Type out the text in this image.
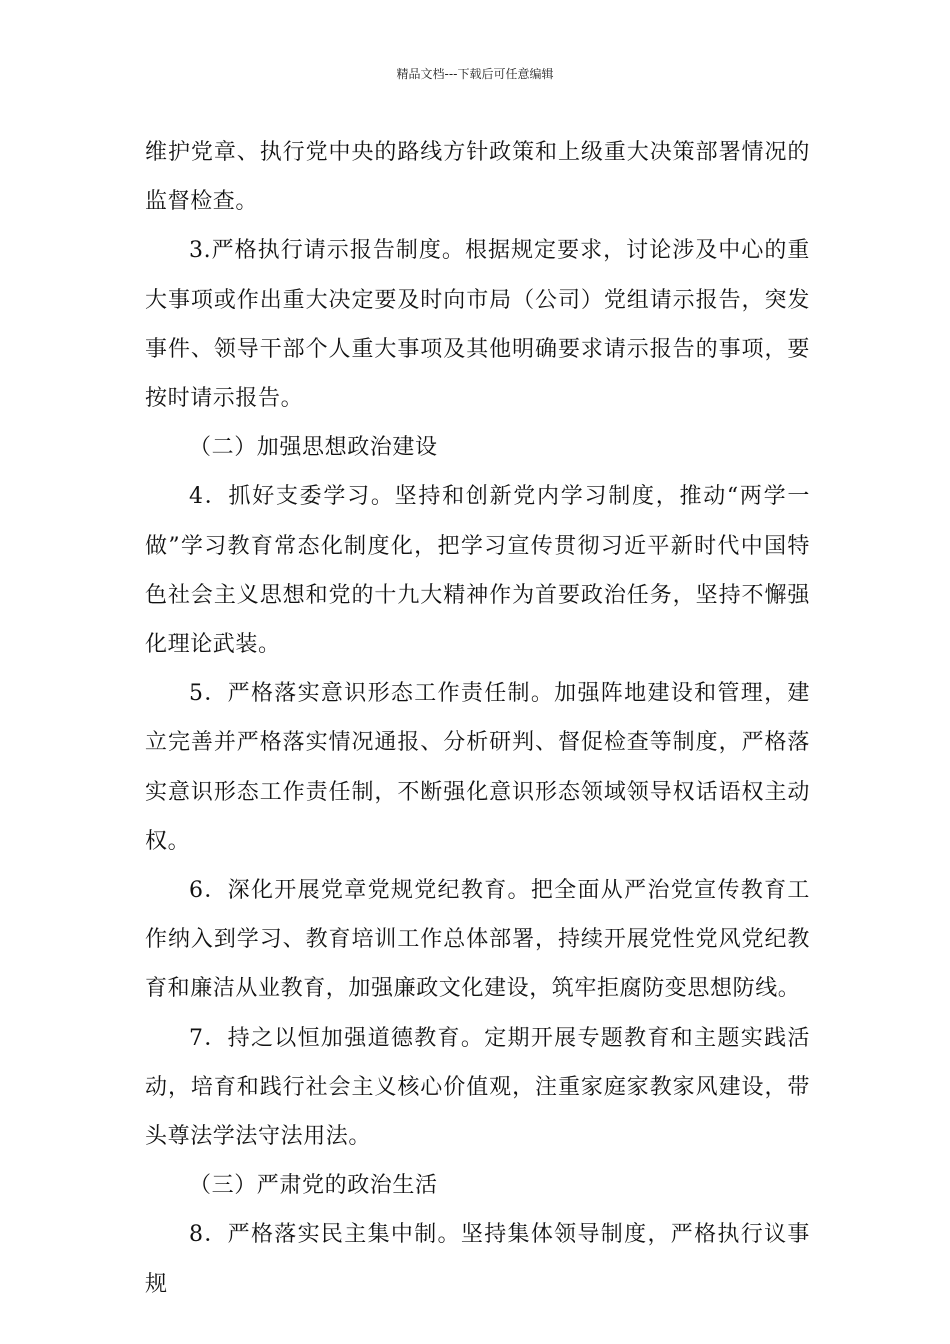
精品文档---下载后可任意编辑

维护党章、执行党中央的路线方针政策和上级重大决策部署情况的监督检查。

3.严格执行请示报告制度。根据规定要求，讨论涉及中心的重大事项或作出重大决定要及时向市局（公司）党组请示报告，突发事件、领导干部个人重大事项及其他明确要求请示报告的事项，要按时请示报告。

（二）加强思想政治建设

4．抓好支委学习。坚持和创新党内学习制度，推动“两学一做”学习教育常态化制度化，把学习宣传贯彻习近平新时代中国特色社会主义思想和党的十九大精神作为首要政治任务，坚持不懈强化理论武装。

5．严格落实意识形态工作责任制。加强阵地建设和管理，建立完善并严格落实情况通报、分析研判、督促检查等制度，严格落实意识形态工作责任制，不断强化意识形态领域领导权话语权主动权。

6．深化开展党章党规党纪教育。把全面从严治党宣传教育工作纳入到学习、教育培训工作总体部署，持续开展党性党风党纪教育和廉洁从业教育，加强廉政文化建设，筑牢拒腐防变思想防线。

7．持之以恒加强道德教育。定期开展专题教育和主题实践活动，培育和践行社会主义核心价值观，注重家庭家教家风建设，带头尊法学法守法用法。

（三）严肃党的政治生活

8．严格落实民主集中制。坚持集体领导制度，严格执行议事规
